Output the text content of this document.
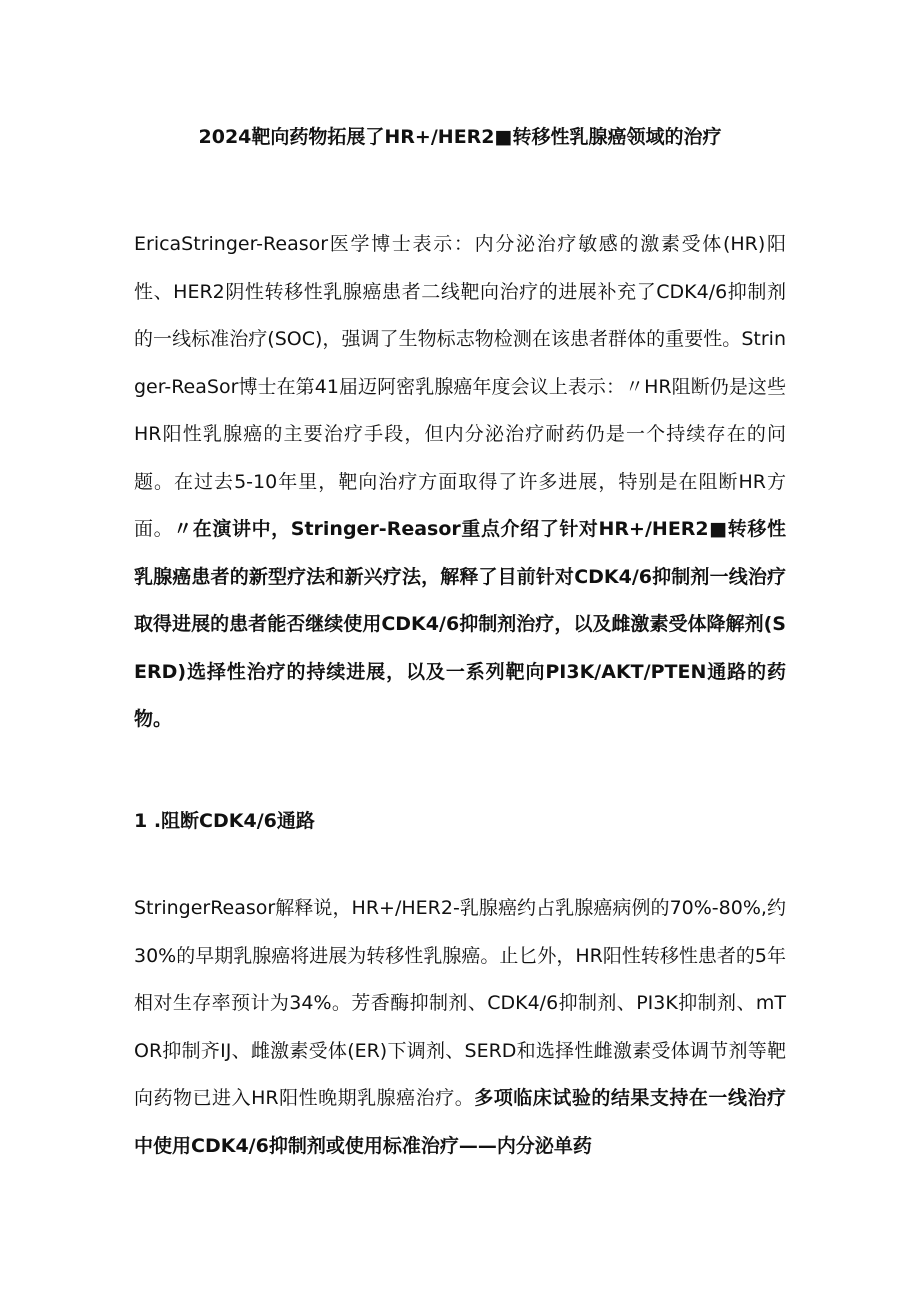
2024靶向药物拓展了HR+/HER2■转移性乳腺癌领域的治疗

EricaStringer-Reasor医学博士表示：内分泌治疗敏感的激素受体(HR)阳性、HER2阴性转移性乳腺癌患者二线靶向治疗的进展补充了CDK4/6抑制剂的一线标准治疗(SOC)，强调了生物标志物检测在该患者群体的重要性。Stringer-ReaSor博士在第41届迈阿密乳腺癌年度会议上表示：〃HR阻断仍是这些HR阳性乳腺癌的主要治疗手段，但内分泌治疗耐药仍是一个持续存在的问题。在过去5-10年里，靶向治疗方面取得了许多进展，特别是在阻断HR方面。〃在演讲中，Stringer-Reasor重点介绍了针对HR+/HER2■转移性乳腺癌患者的新型疗法和新兴疗法，解释了目前针对CDK4/6抑制剂一线治疗取得进展的患者能否继续使用CDK4/6抑制剂治疗，以及雌激素受体降解剂(SERD)选择性治疗的持续进展，以及一系列靶向PI3K/AKT/PTEN通路的药物。

1 .阻断CDK4/6通路

StringerReasor解释说，HR+/HER2-乳腺癌约占乳腺癌病例的70%-80%,约30%的早期乳腺癌将进展为转移性乳腺癌。止匕外，HR阳性转移性患者的5年相对生存率预计为34%。芳香酶抑制剂、CDK4/6抑制剂、PI3K抑制剂、mTOR抑制齐IJ、雌激素受体(ER)下调剂、SERD和选择性雌激素受体调节剂等靶向药物已进入HR阳性晚期乳腺癌治疗。多项临床试验的结果支持在一线治疗中使用CDK4/6抑制剂或使用标准治疗——内分泌单药
